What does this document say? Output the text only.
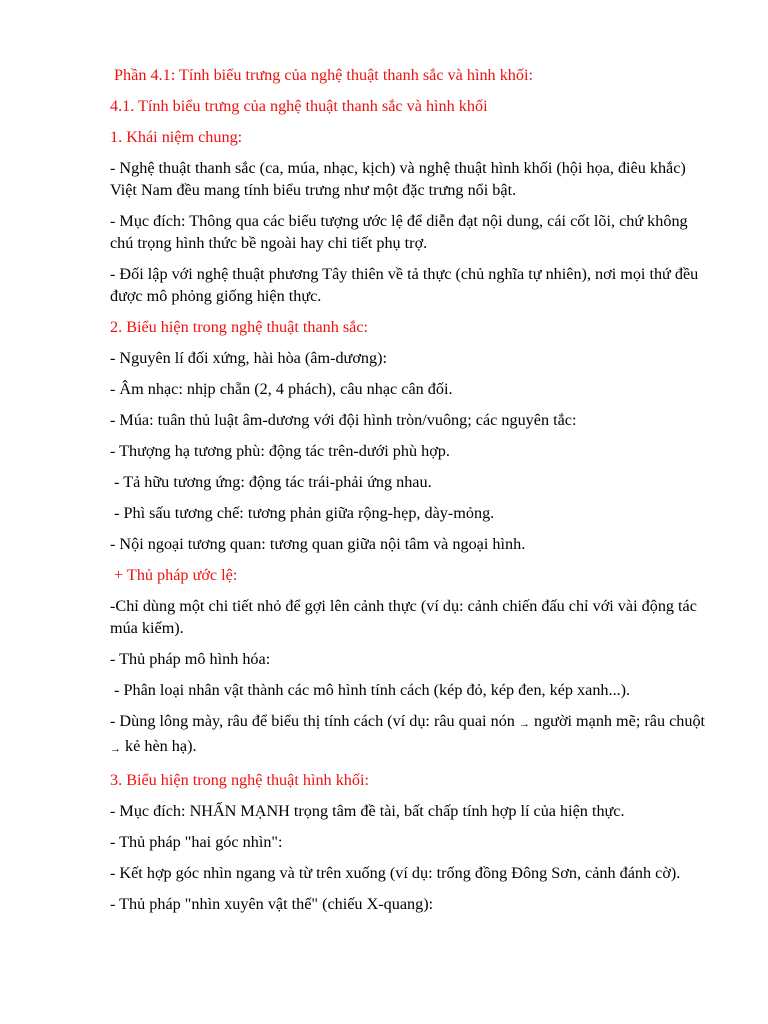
Phần 4.1: Tính biểu trưng của nghệ thuật thanh sắc và hình khối:

4.1. Tính biểu trưng của nghệ thuật thanh sắc và hình khối

1. Khái niệm chung:

- Nghệ thuật thanh sắc (ca, múa, nhạc, kịch) và nghệ thuật hình khối (hội họa, điêu khắc) Việt Nam đều mang tính biểu trưng như một đặc trưng nổi bật.

- Mục đích: Thông qua các biểu tượng ước lệ để diễn đạt nội dung, cái cốt lõi, chứ không chú trọng hình thức bề ngoài hay chi tiết phụ trợ.

- Đối lập với nghệ thuật phương Tây thiên về tả thực (chủ nghĩa tự nhiên), nơi mọi thứ đều được mô phỏng giống hiện thực.

2. Biểu hiện trong nghệ thuật thanh sắc:

- Nguyên lí đối xứng, hài hòa (âm-dương):

- Âm nhạc: nhịp chẵn (2, 4 phách), câu nhạc cân đối.

- Múa: tuân thủ luật âm-dương với đội hình tròn/vuông; các nguyên tắc:

- Thượng hạ tương phù: động tác trên-dưới phù hợp.

- Tả hữu tương ứng: động tác trái-phải ứng nhau.

- Phì sấu tương chế: tương phản giữa rộng-hẹp, dày-mỏng.

- Nội ngoại tương quan: tương quan giữa nội tâm và ngoại hình.

+ Thủ pháp ước lệ:

-Chỉ dùng một chi tiết nhỏ để gợi lên cảnh thực (ví dụ: cảnh chiến đấu chỉ với vài động tác múa kiếm).

- Thủ pháp mô hình hóa:

- Phân loại nhân vật thành các mô hình tính cách (kép đỏ, kép đen, kép xanh...).

- Dùng lông mày, râu để biểu thị tính cách (ví dụ: râu quai nón → người mạnh mẽ; râu chuột → kẻ hèn hạ).

3. Biểu hiện trong nghệ thuật hình khối:

- Mục đích: NHẤN MẠNH trọng tâm đề tài, bất chấp tính hợp lí của hiện thực.

- Thủ pháp "hai góc nhìn":

- Kết hợp góc nhìn ngang và từ trên xuống (ví dụ: trống đồng Đông Sơn, cảnh đánh cờ).

- Thủ pháp "nhìn xuyên vật thể" (chiếu X-quang):
